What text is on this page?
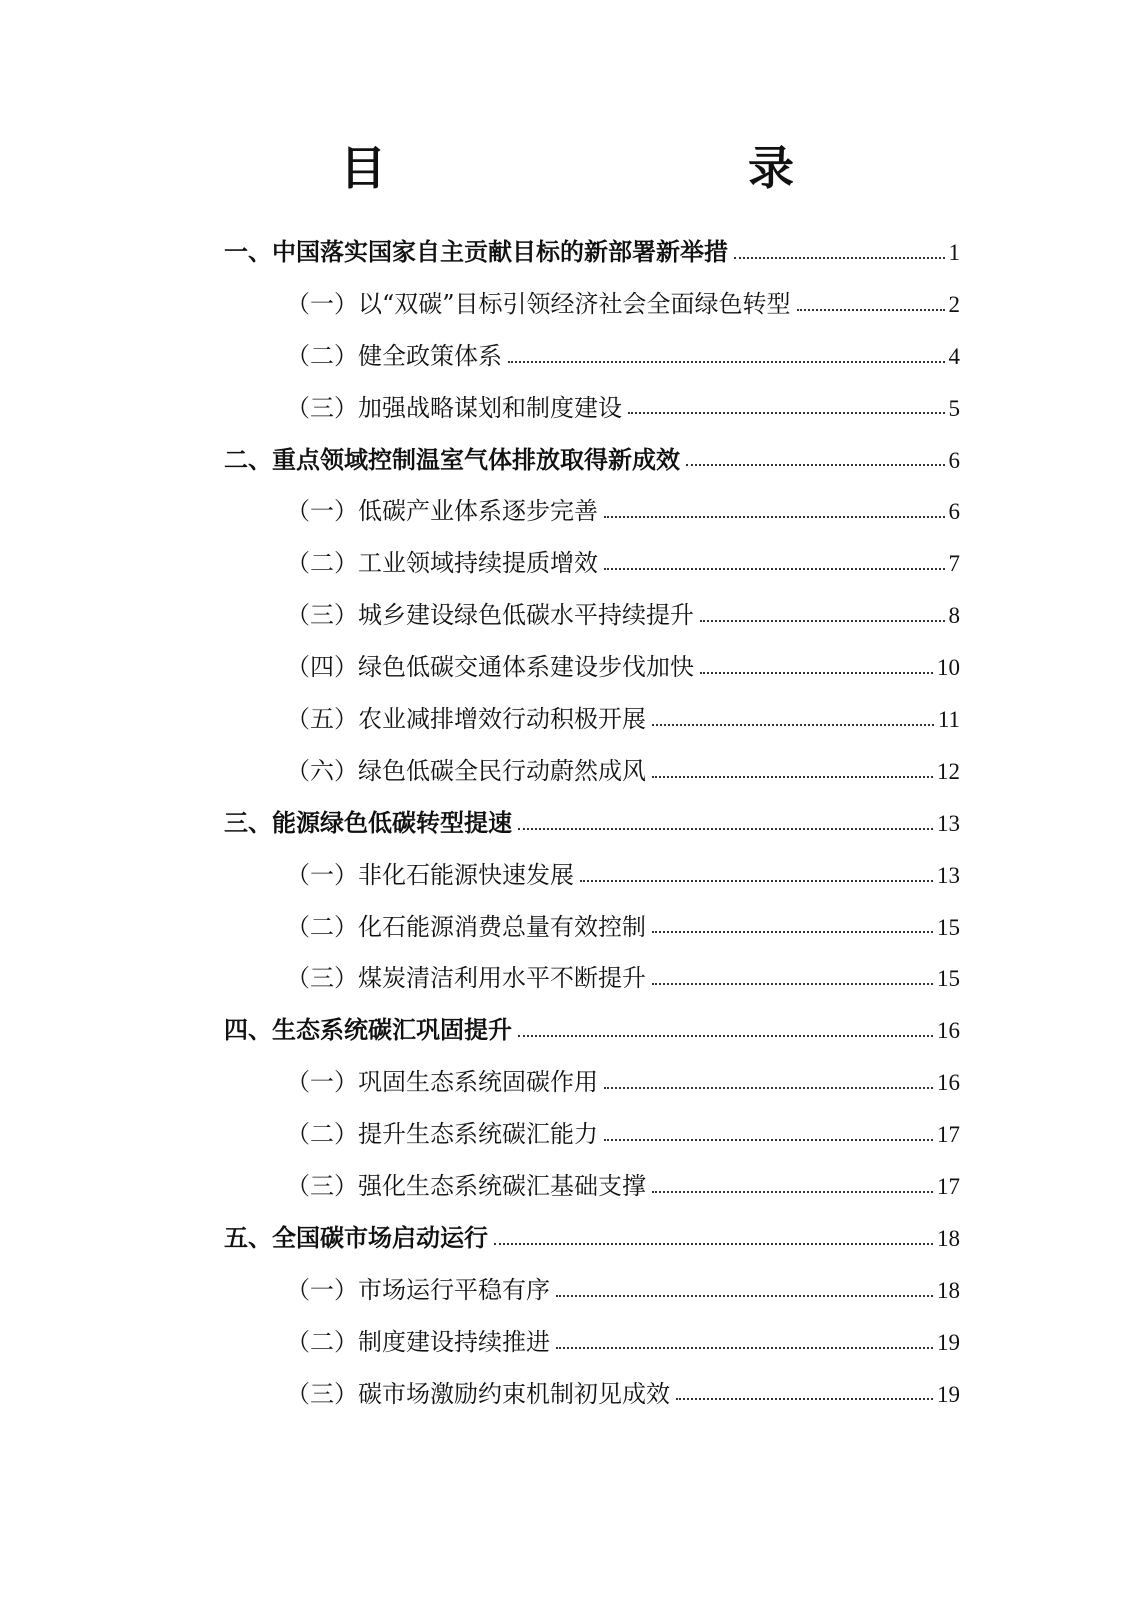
目　　录
一、中国落实国家自主贡献目标的新部署新举措	1
（一）以“双碳”目标引领经济社会全面绿色转型	2
（二）健全政策体系	4
（三）加强战略谋划和制度建设	5
二、重点领域控制温室气体排放取得新成效	6
（一）低碳产业体系逐步完善	6
（二）工业领域持续提质增效	7
（三）城乡建设绿色低碳水平持续提升	8
（四）绿色低碳交通体系建设步伐加快	10
（五）农业减排增效行动积极开展	11
（六）绿色低碳全民行动蔚然成风	12
三、能源绿色低碳转型提速	13
（一）非化石能源快速发展	13
（二）化石能源消费总量有效控制	15
（三）煤炭清洁利用水平不断提升	15
四、生态系统碳汇巩固提升	16
（一）巩固生态系统固碳作用	16
（二）提升生态系统碳汇能力	17
（三）强化生态系统碳汇基础支撑	17
五、全国碳市场启动运行	18
（一）市场运行平稳有序	18
（二）制度建设持续推进	19
（三）碳市场激励约束机制初见成效	19
